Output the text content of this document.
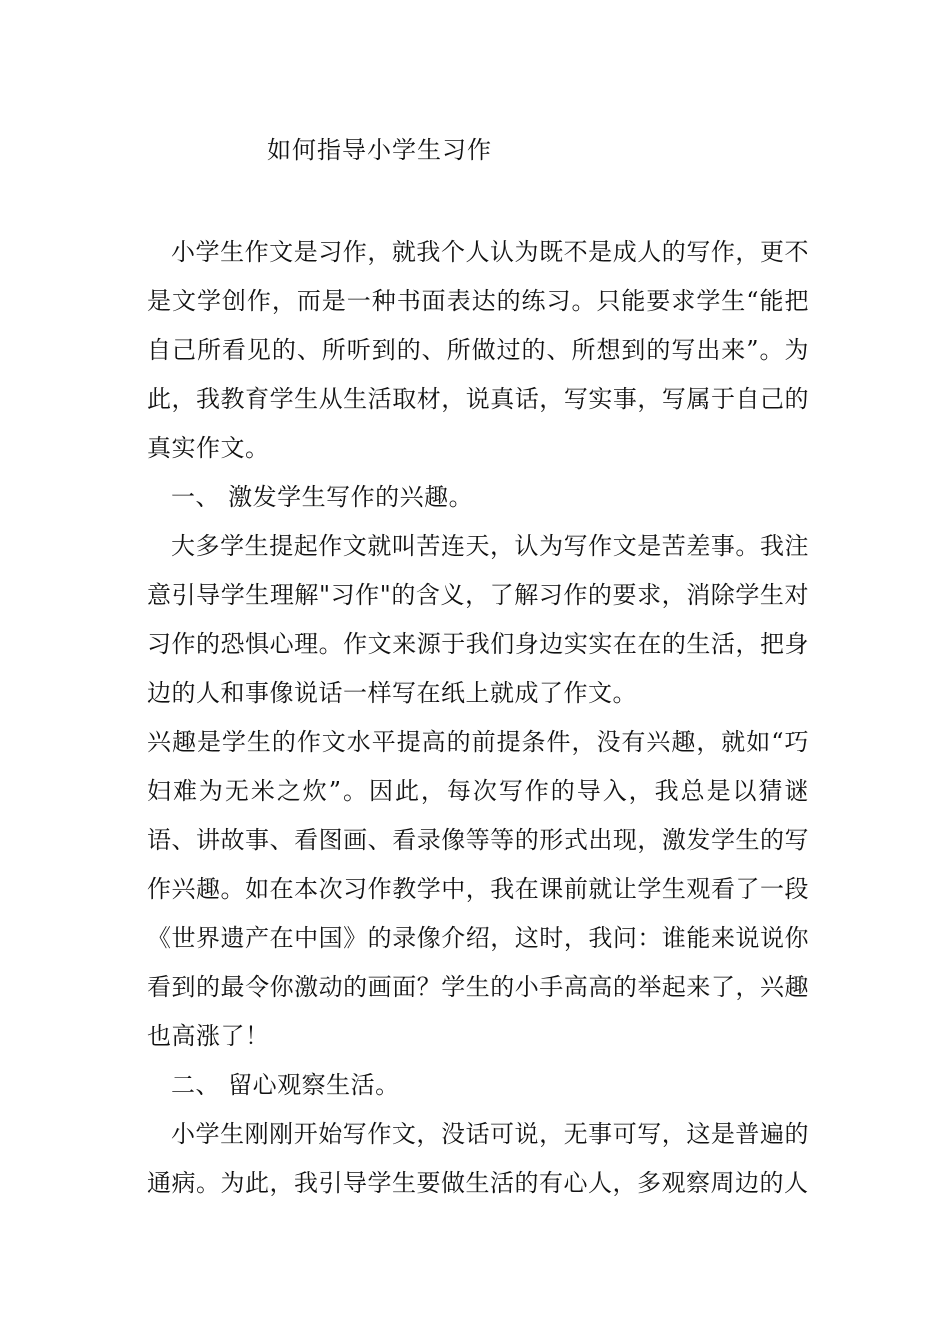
如何指导小学生习作

小学生作文是习作，就我个人认为既不是成人的写作，更不是文学创作，而是一种书面表达的练习。只能要求学生“能把自己所看见的、所听到的、所做过的、所想到的写出来”。为此，我教育学生从生活取材，说真话，写实事，写属于自己的真实作文。

一、 激发学生写作的兴趣。

大多学生提起作文就叫苦连天，认为写作文是苦差事。我注意引导学生理解"习作"的含义，了解习作的要求，消除学生对习作的恐惧心理。作文来源于我们身边实实在在的生活，把身边的人和事像说话一样写在纸上就成了作文。

兴趣是学生的作文水平提高的前提条件，没有兴趣，就如“巧妇难为无米之炊”。因此，每次写作的导入，我总是以猜谜语、讲故事、看图画、看录像等等的形式出现，激发学生的写作兴趣。如在本次习作教学中，我在课前就让学生观看了一段《世界遗产在中国》的录像介绍，这时，我问：谁能来说说你看到的最令你激动的画面？学生的小手高高的举起来了，兴趣也高涨了！

二、 留心观察生活。

小学生刚刚开始写作文，没话可说，无事可写，这是普遍的通病。为此，我引导学生要做生活的有心人，多观察周边的人
